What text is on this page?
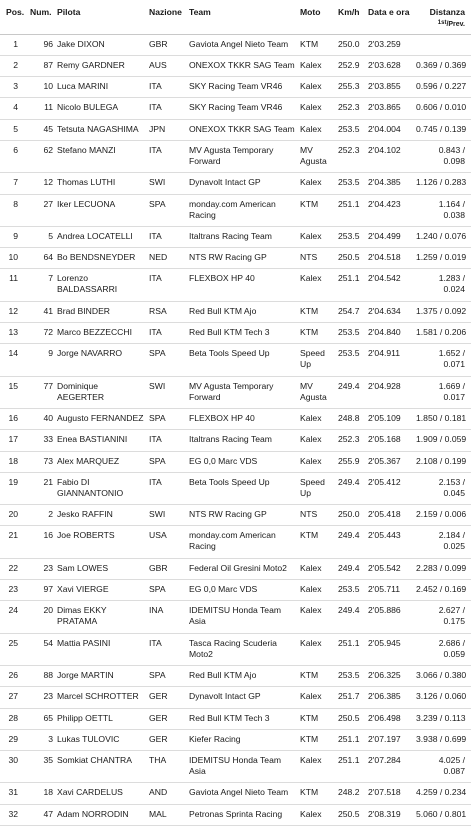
Pos.	Num.	Pilota	Nazione	Team	Moto	Km/h	Data e ora	Distanza
$^{1st}$/Prev.
1	96	Jake DIXON	GBR	Gaviota Angel Nieto Team	KTM	250.0	2'03.259	
2	87	Remy GARDNER	AUS	ONEXOX TKKR SAG Team	Kalex	252.9	2'03.628	0.369 / 0.369
3	10	Luca MARINI	ITA	SKY Racing Team VR46	Kalex	255.3	2'03.855	0.596 / 0.227
4	11	Nicolo BULEGA	ITA	SKY Racing Team VR46	Kalex	252.3	2'03.865	0.606 / 0.010
5	45	Tetsuta NAGASHIMA	JPN	ONEXOX TKKR SAG Team	Kalex	253.5	2'04.004	0.745 / 0.139
6	62	Stefano MANZI	ITA	MV Agusta Temporary Forward	MV Agusta	252.3	2'04.102	0.843 / 0.098
7	12	Thomas LUTHI	SWI	Dynavolt Intact GP	Kalex	253.5	2'04.385	1.126 / 0.283
8	27	Iker LECUONA	SPA	monday.com American Racing	KTM	251.1	2'04.423	1.164 / 0.038
9	5	Andrea LOCATELLI	ITA	Italtrans Racing Team	Kalex	253.5	2'04.499	1.240 / 0.076
10	64	Bo BENDSNEYDER	NED	NTS RW Racing GP	NTS	250.5	2'04.518	1.259 / 0.019
11	7	Lorenzo BALDASSARRI	ITA	FLEXBOX HP 40	Kalex	251.1	2'04.542	1.283 / 0.024
12	41	Brad BINDER	RSA	Red Bull KTM Ajo	KTM	254.7	2'04.634	1.375 / 0.092
13	72	Marco BEZZECCHI	ITA	Red Bull KTM Tech 3	KTM	253.5	2'04.840	1.581 / 0.206
14	9	Jorge NAVARRO	SPA	Beta Tools Speed Up	Speed Up	253.5	2'04.911	1.652 / 0.071
15	77	Dominique AEGERTER	SWI	MV Agusta Temporary Forward	MV Agusta	249.4	2'04.928	1.669 / 0.017
16	40	Augusto FERNANDEZ	SPA	FLEXBOX HP 40	Kalex	248.8	2'05.109	1.850 / 0.181
17	33	Enea BASTIANINI	ITA	Italtrans Racing Team	Kalex	252.3	2'05.168	1.909 / 0.059
18	73	Alex MARQUEZ	SPA	EG 0,0 Marc VDS	Kalex	255.9	2'05.367	2.108 / 0.199
19	21	Fabio DI GIANNANTONIO	ITA	Beta Tools Speed Up	Speed Up	249.4	2'05.412	2.153 / 0.045
20	2	Jesko RAFFIN	SWI	NTS RW Racing GP	NTS	250.0	2'05.418	2.159 / 0.006
21	16	Joe ROBERTS	USA	monday.com American Racing	KTM	249.4	2'05.443	2.184 / 0.025
22	23	Sam LOWES	GBR	Federal Oil Gresini Moto2	Kalex	249.4	2'05.542	2.283 / 0.099
23	97	Xavi VIERGE	SPA	EG 0,0 Marc VDS	Kalex	253.5	2'05.711	2.452 / 0.169
24	20	Dimas EKKY PRATAMA	INA	IDEMITSU Honda Team Asia	Kalex	249.4	2'05.886	2.627 / 0.175
25	54	Mattia PASINI	ITA	Tasca Racing Scuderia Moto2	Kalex	251.1	2'05.945	2.686 / 0.059
26	88	Jorge MARTIN	SPA	Red Bull KTM Ajo	KTM	253.5	2'06.325	3.066 / 0.380
27	23	Marcel SCHROTTER	GER	Dynavolt Intact GP	Kalex	251.7	2'06.385	3.126 / 0.060
28	65	Philipp OETTL	GER	Red Bull KTM Tech 3	KTM	250.5	2'06.498	3.239 / 0.113
29	3	Lukas TULOVIC	GER	Kiefer Racing	KTM	251.1	2'07.197	3.938 / 0.699
30	35	Somkiat CHANTRA	THA	IDEMITSU Honda Team Asia	Kalex	251.1	2'07.284	4.025 / 0.087
31	18	Xavi CARDELUS	AND	Gaviota Angel Nieto Team	KTM	248.2	2'07.518	4.259 / 0.234
32	47	Adam NORRODIN	MAL	Petronas Sprinta Racing	Kalex	250.5	2'08.319	5.060 / 0.801
